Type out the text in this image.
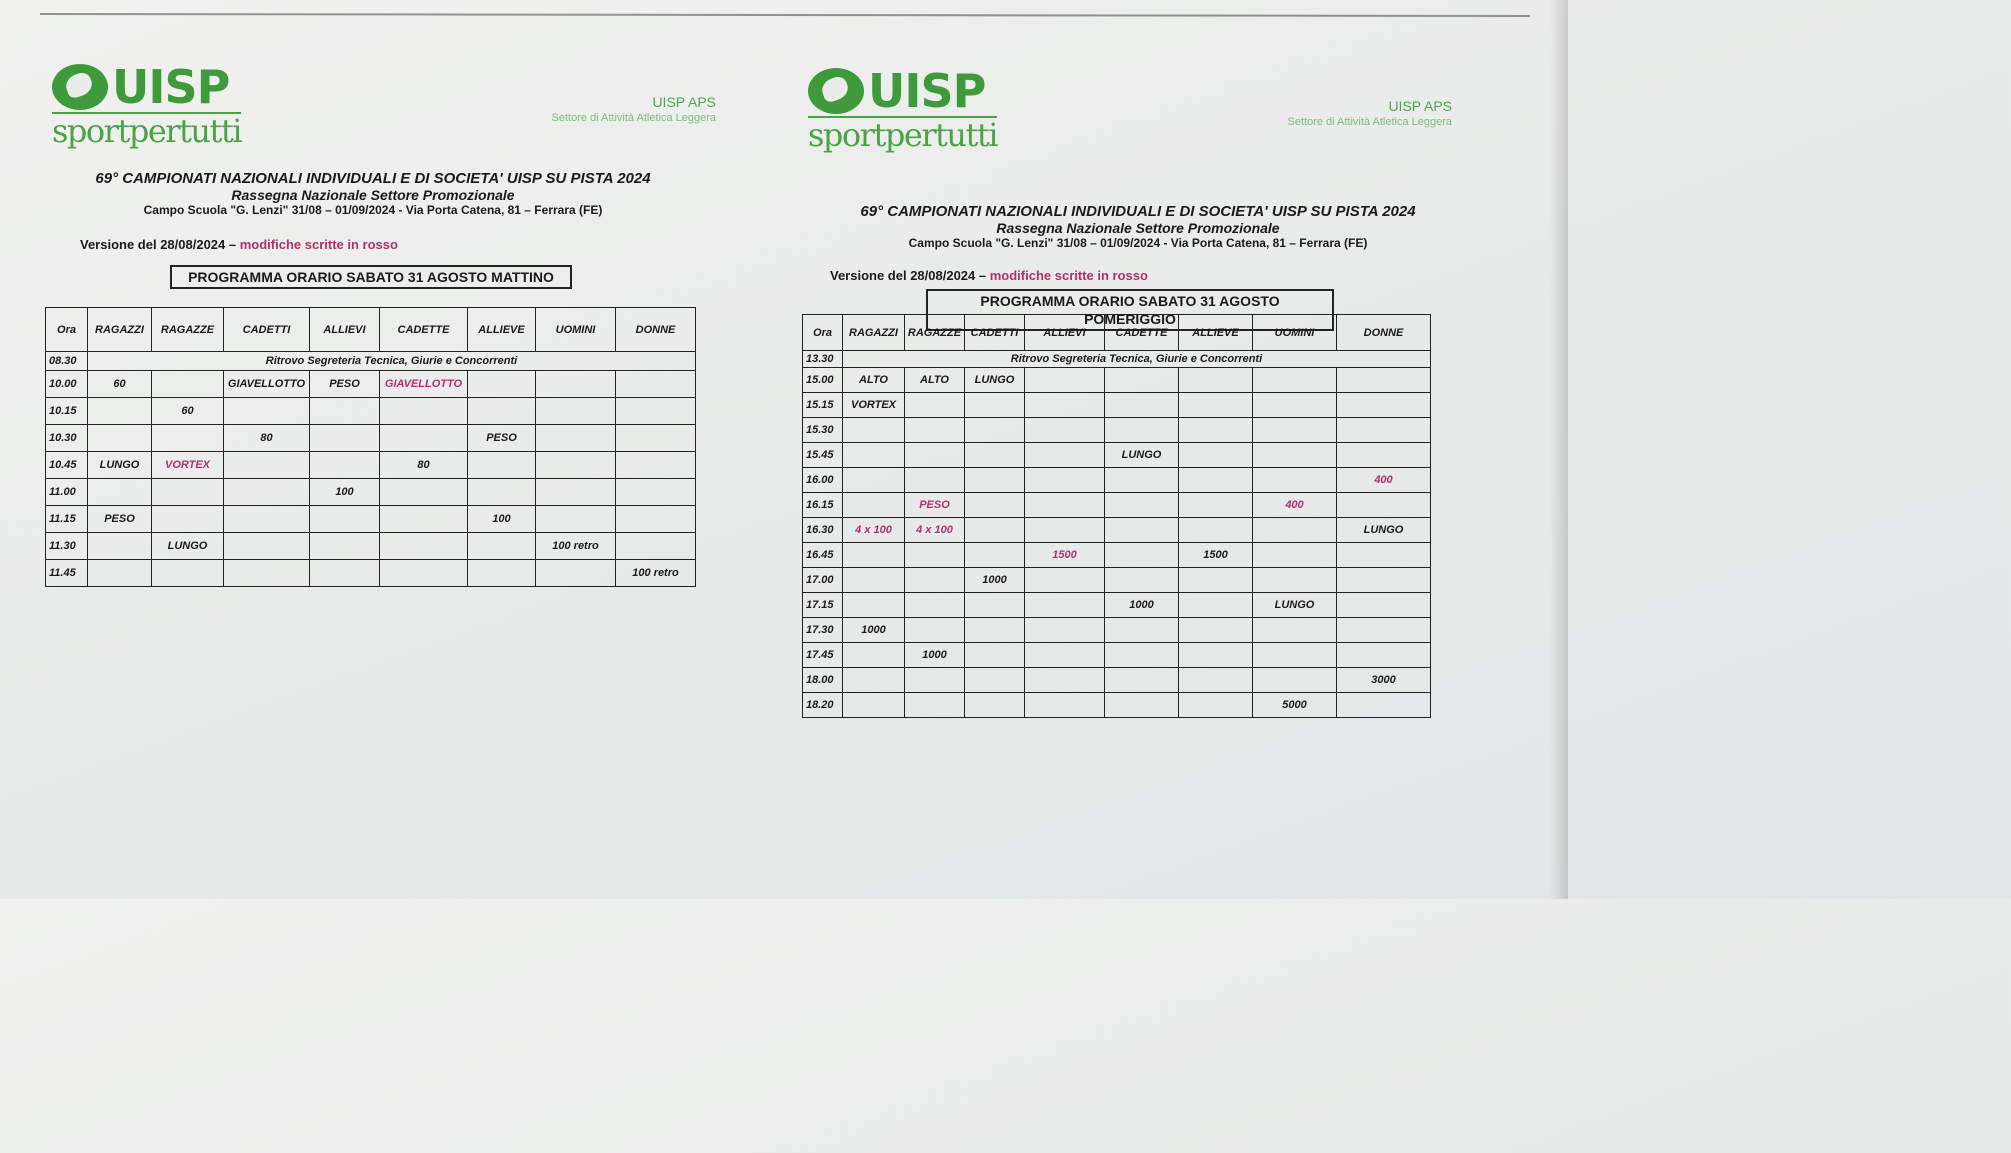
UISP
sportpertutti
UISP APS
Settore di Attività Atletica Leggera
69° CAMPIONATI NAZIONALI INDIVIDUALI E DI SOCIETA' UISP SU PISTA 2024
Rassegna Nazionale Settore Promozionale
Campo Scuola "G. Lenzi" 31/08 – 01/09/2024 - Via Porta Catena, 81 – Ferrara (FE)
Versione del 28/08/2024 – modifiche scritte in rosso
PROGRAMMA ORARIO SABATO 31 AGOSTO MATTINO
Ora	RAGAZZI	RAGAZZE	CADETTI	ALLIEVI	CADETTE	ALLIEVE	UOMINI	DONNE
08.30	Ritrovo Segreteria Tecnica, Giurie e Concorrenti							
10.00	60		GIAVELLOTTO	PESO	GIAVELLOTTO			
10.15		60						
10.30			80			PESO		
10.45	LUNGO	VORTEX			80			
11.00				100				
11.15	PESO					100		
11.30		LUNGO					100 retro	
11.45								100 retro
UISP
sportpertutti
UISP APS
Settore di Attività Atletica Leggera
69° CAMPIONATI NAZIONALI INDIVIDUALI E DI SOCIETA' UISP SU PISTA 2024
Rassegna Nazionale Settore Promozionale
Campo Scuola "G. Lenzi" 31/08 – 01/09/2024 - Via Porta Catena, 81 – Ferrara (FE)
Versione del 28/08/2024 – modifiche scritte in rosso
PROGRAMMA ORARIO SABATO 31 AGOSTO POMERIGGIO
Ora	RAGAZZI	RAGAZZE	CADETTI	ALLIEVI	CADETTE	ALLIEVE	UOMINI	DONNE
13.30	Ritrovo Segreteria Tecnica, Giurie e Concorrenti							
15.00	ALTO	ALTO	LUNGO					
15.15	VORTEX							
15.30								
15.45					LUNGO			
16.00								400
16.15		PESO					400	
16.30	4 x 100	4 x 100						LUNGO
16.45				1500		1500		
17.00			1000					
17.15					1000		LUNGO	
17.30	1000							
17.45		1000						
18.00								3000
18.20							5000	
